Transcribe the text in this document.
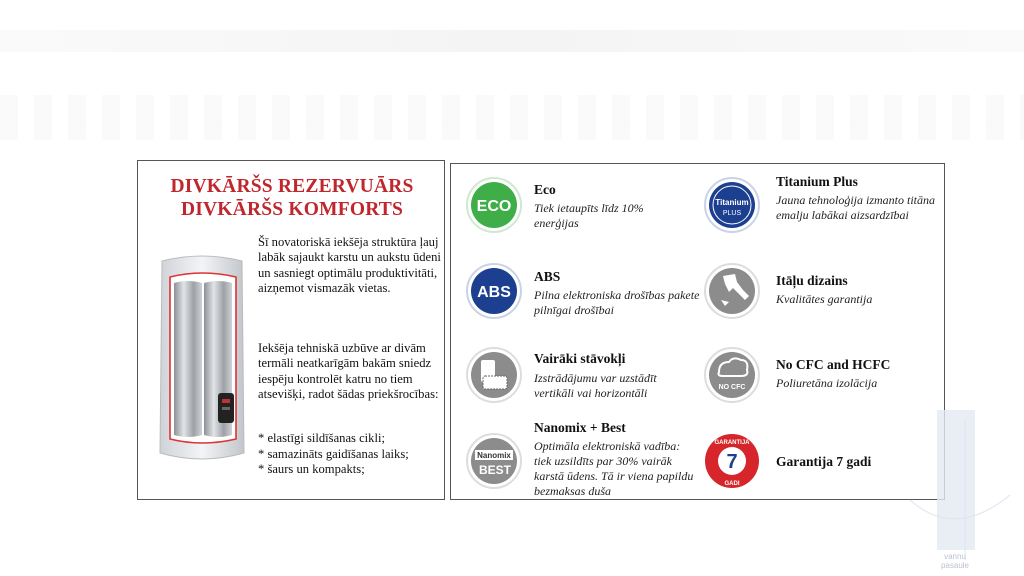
DIVKĀRŠS REZERVUĀRS
DIVKĀRŠS KOMFORTS
Šī novatoriskā iekšēja struktūra ļauj labāk sajaukt karstu un aukstu ūdeni un sasniegt optimālu produktivitāti, aizņemot vismazāk vietas.
Iekšēja tehniskā uzbūve ar divām termāli neatkarīgām bakām sniedz iespēju kontrolēt katru no tiem atsevišķi, radot šādas priekšrocības:
* elastīgi sildīšanas cikli;
* samazināts gaidīšanas laiks;
* šaurs un kompakts;
ECO
Eco
Tiek ietaupīts līdz 10% enerģijas
ABS
ABS
Pilna elektroniska drošības pakete pilnīgai drošībai
Vairāki stāvokļi
Izstrādājumu var uzstādīt vertikāli vai horizontāli
Nanomix
BEST
Nanomix + Best
Optimāla elektroniskā vadība: tiek uzsildīts par 30% vairāk karstā ūdens. Tā ir viena papildu bezmaksas duša
Titanium
PLUS
Titanium Plus
Jauna tehnoloģija izmanto titāna emalju labākai aizsardzībai
Itāļu dizains
Kvalitātes garantija
NO CFC
No CFC and HCFC
Poliuretāna izolācija
7
GARANTIJA
GADI
Garantija 7 gadi
vannu
pasaule
